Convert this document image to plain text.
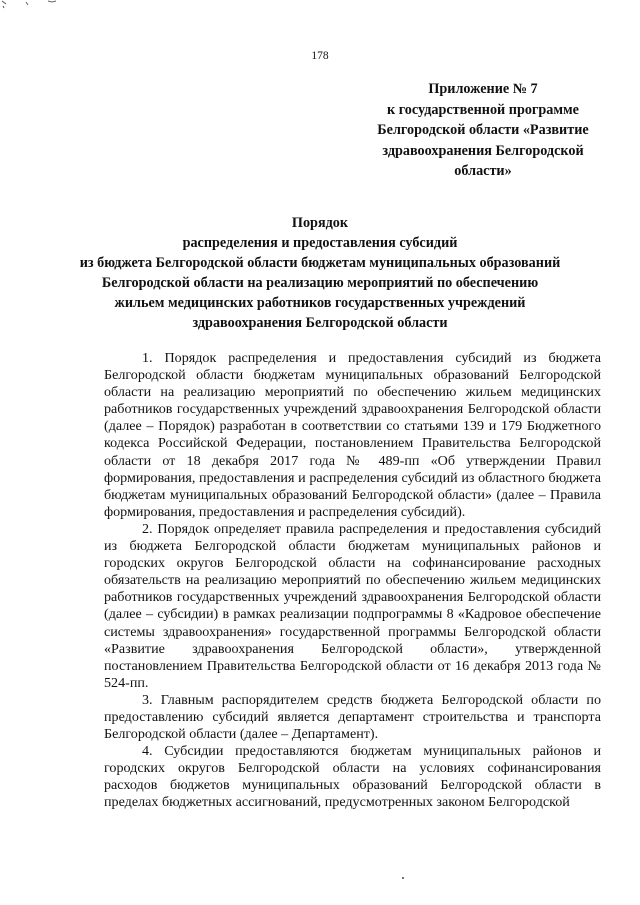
178
Приложение № 7
к государственной программе
Белгородской области «Развитие
здравоохранения Белгородской
области»
Порядок
распределения и предоставления субсидий
из бюджета Белгородской области бюджетам муниципальных образований
Белгородской области на реализацию мероприятий по обеспечению
жильем медицинских работников государственных учреждений
здравоохранения Белгородской области

1. Порядок распределения и предоставления субсидий из бюджета Белгородской области бюджетам муниципальных образований Белгородской области на реализацию мероприятий по обеспечению жильем медицинских работников государственных учреждений здравоохранения Белгородской области (далее – Порядок) разработан в соответствии со статьями 139 и 179 Бюджетного кодекса Российской Федерации, постановлением Правительства Белгородской области от 18 декабря 2017 года № 489-пп «Об утверждении Правил формирования, предоставления и распределения субсидий из областного бюджета бюджетам муниципальных образований Белгородской области» (далее – Правила формирования, предоставления и распределения субсидий).

2. Порядок определяет правила распределения и предоставления субсидий из бюджета Белгородской области бюджетам муниципальных районов и городских округов Белгородской области на софинансирование расходных обязательств на реализацию мероприятий по обеспечению жильем медицинских работников государственных учреждений здравоохранения Белгородской области (далее – субсидии) в рамках реализации подпрограммы 8 «Кадровое обеспечение системы здравоохранения» государственной программы Белгородской области «Развитие здравоохранения Белгородской области», утвержденной постановлением Правительства Белгородской области от 16 декабря 2013 года № 524-пп.

3. Главным распорядителем средств бюджета Белгородской области по предоставлению субсидий является департамент строительства и транспорта Белгородской области (далее – Департамент).

4. Субсидии предоставляются бюджетам муниципальных районов и городских округов Белгородской области на условиях софинансирования расходов бюджетов муниципальных образований Белгородской области в пределах бюджетных ассигнований, предусмотренных законом Белгородской
